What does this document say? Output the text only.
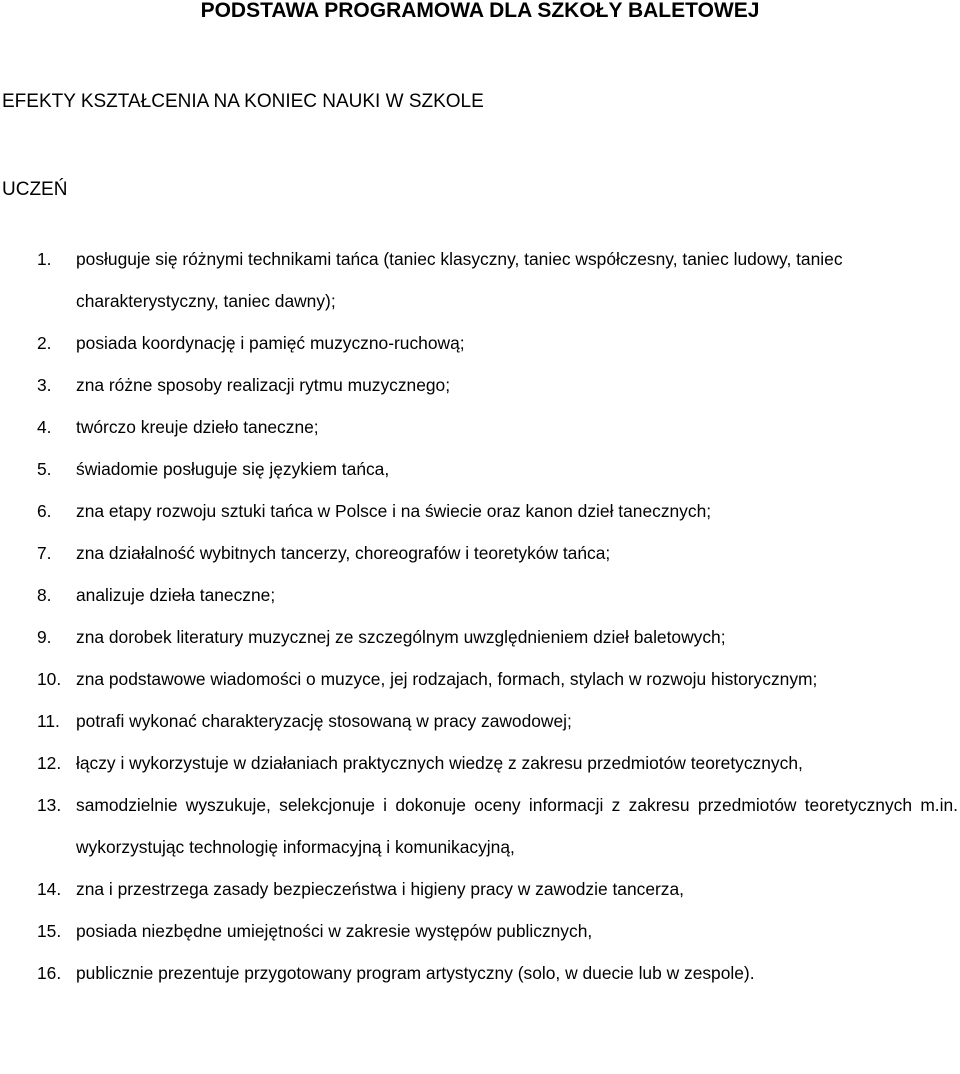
PODSTAWA PROGRAMOWA DLA SZKOŁY BALETOWEJ
EFEKTY KSZTAŁCENIA NA KONIEC NAUKI W SZKOLE
UCZEŃ
1.	posługuje się różnymi technikami tańca (taniec klasyczny, taniec współczesny, taniec ludowy, taniec charakterystyczny, taniec dawny);
2.	posiada koordynację i pamięć muzyczno-ruchową;
3.	zna różne sposoby realizacji rytmu muzycznego;
4.	twórczo kreuje dzieło taneczne;
5.	świadomie posługuje się językiem tańca,
6.	zna etapy rozwoju sztuki tańca w Polsce i na świecie oraz kanon dzieł tanecznych;
7.	zna działalność wybitnych tancerzy, choreografów i teoretyków tańca;
8.	analizuje dzieła taneczne;
9.	zna dorobek literatury muzycznej ze szczególnym uwzględnieniem dzieł baletowych;
10. zna podstawowe wiadomości o muzyce, jej rodzajach, formach, stylach w rozwoju historycznym;
11. potrafi wykonać charakteryzację stosowaną w pracy zawodowej;
12. łączy i wykorzystuje w działaniach praktycznych wiedzę z zakresu przedmiotów teoretycznych,
13. samodzielnie wyszukuje, selekcjonuje i dokonuje oceny informacji z zakresu przedmiotów teoretycznych m.in. wykorzystując technologię informacyjną i komunikacyjną,
14. zna i przestrzega zasady bezpieczeństwa i higieny pracy w zawodzie tancerza,
15. posiada niezbędne umiejętności w zakresie występów publicznych,
16. publicznie prezentuje przygotowany program artystyczny (solo, w duecie lub w zespole).
